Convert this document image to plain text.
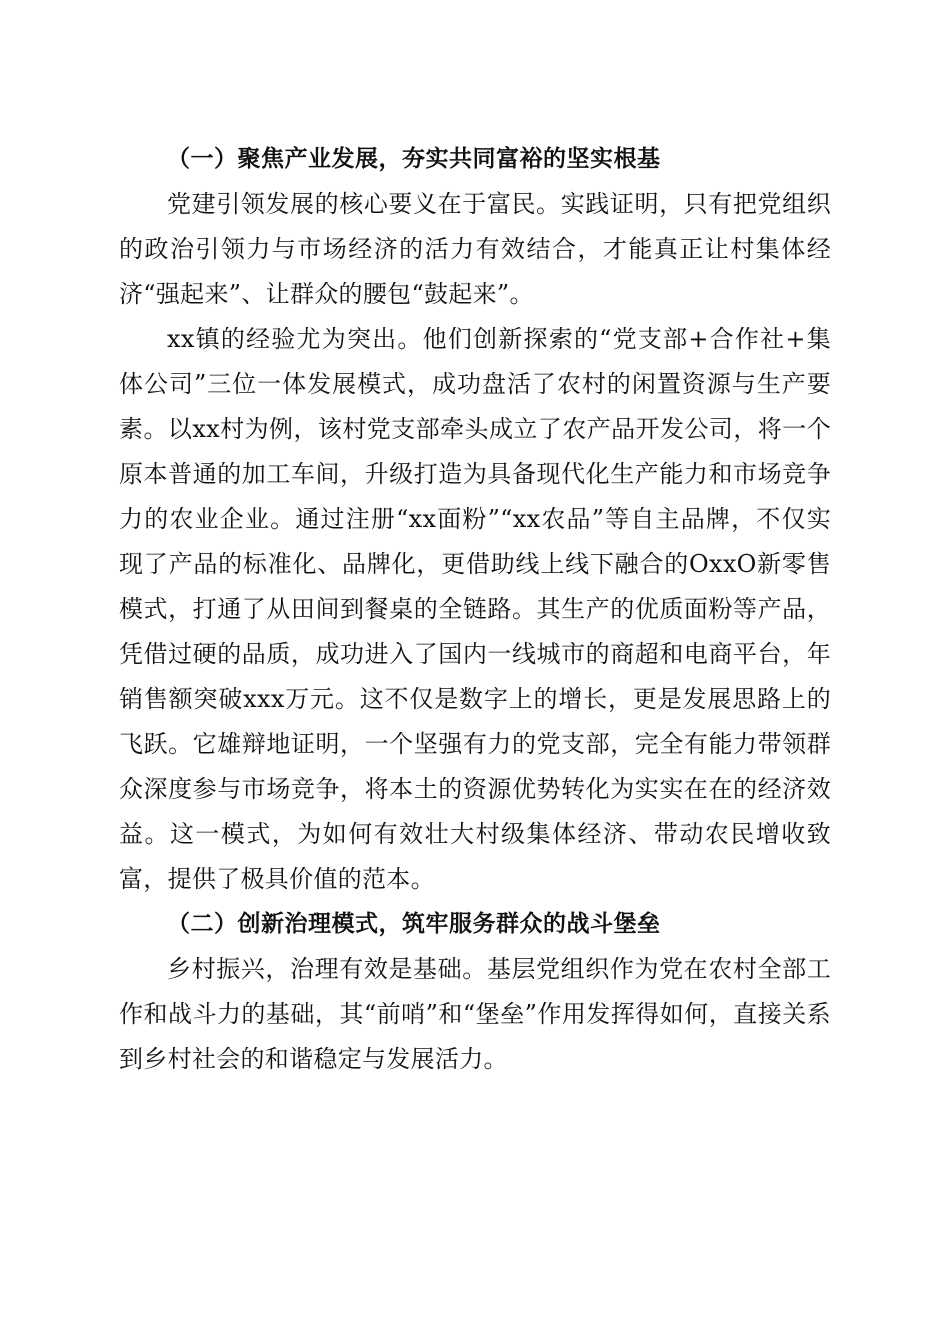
（一）聚焦产业发展，夯实共同富裕的坚实根基

党建引领发展的核心要义在于富民。实践证明，只有把党组织的政治引领力与市场经济的活力有效结合，才能真正让村集体经济“强起来”、让群众的腰包“鼓起来”。

xx镇的经验尤为突出。他们创新探索的“党支部+合作社+集体公司”三位一体发展模式，成功盘活了农村的闲置资源与生产要素。以xx村为例，该村党支部牵头成立了农产品开发公司，将一个原本普通的加工车间，升级打造为具备现代化生产能力和市场竞争力的农业企业。通过注册“xx面粉”“xx农品”等自主品牌，不仅实现了产品的标准化、品牌化，更借助线上线下融合的OxxO新零售模式，打通了从田间到餐桌的全链路。其生产的优质面粉等产品，凭借过硬的品质，成功进入了国内一线城市的商超和电商平台，年销售额突破xxx万元。这不仅是数字上的增长，更是发展思路上的飞跃。它雄辩地证明，一个坚强有力的党支部，完全有能力带领群众深度参与市场竞争，将本土的资源优势转化为实实在在的经济效益。这一模式，为如何有效壮大村级集体经济、带动农民增收致富，提供了极具价值的范本。

（二）创新治理模式，筑牢服务群众的战斗堡垒

乡村振兴，治理有效是基础。基层党组织作为党在农村全部工作和战斗力的基础，其“前哨”和“堡垒”作用发挥得如何，直接关系到乡村社会的和谐稳定与发展活力。
